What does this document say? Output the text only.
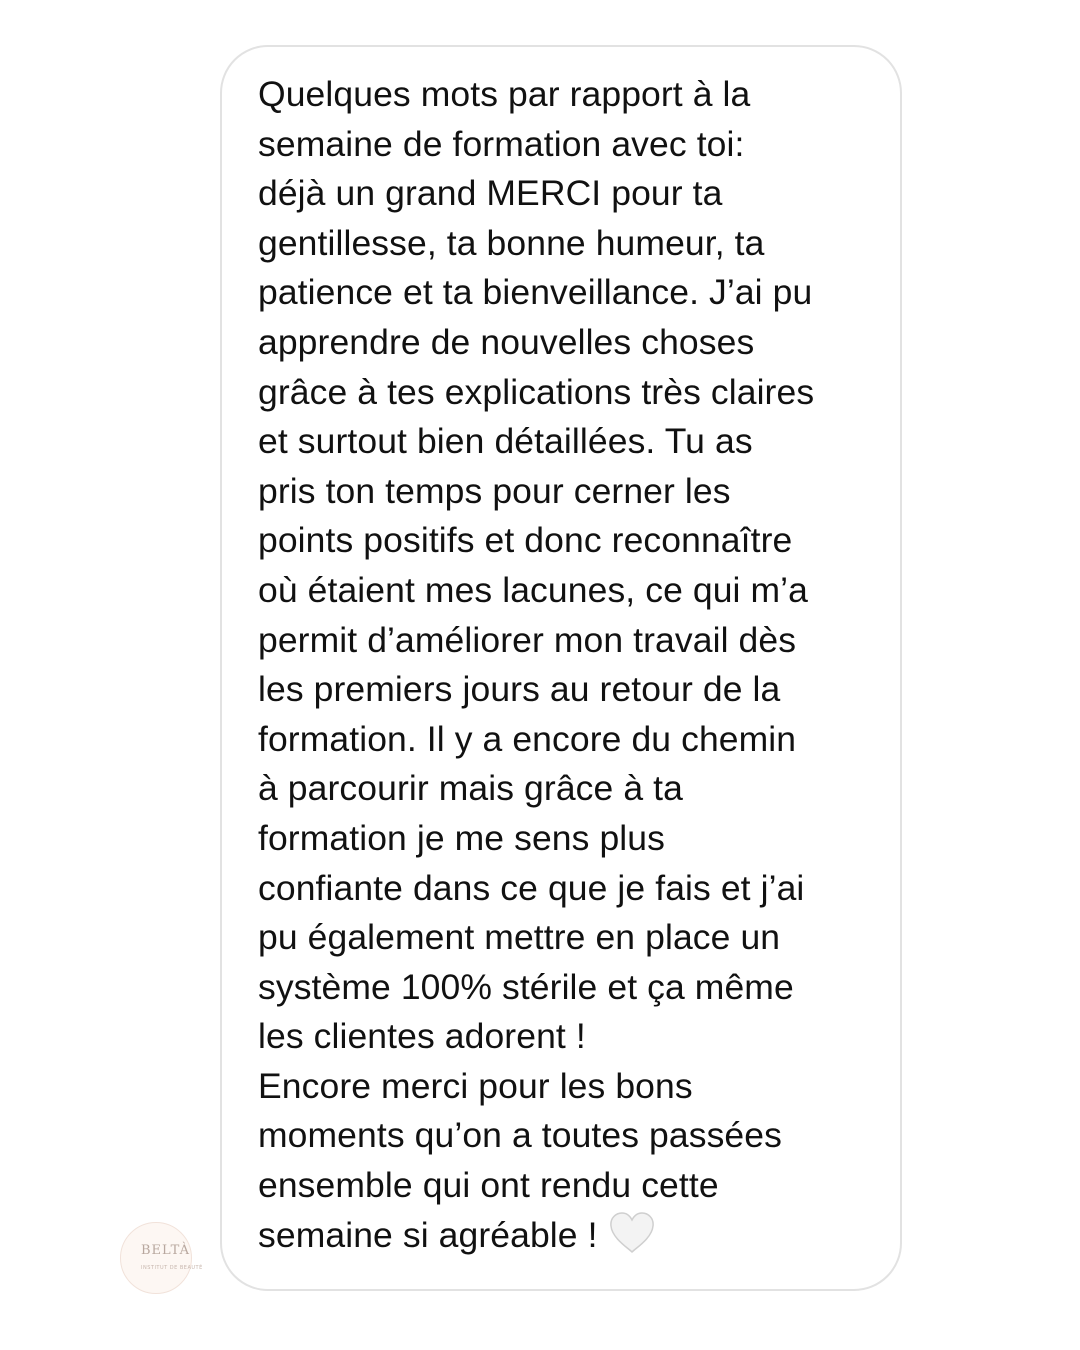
BELTÀ
INSTITUT DE BEAUTÉ

Quelques mots par rapport à la
semaine de formation avec toi:
déjà un grand MERCI pour ta
gentillesse, ta bonne humeur, ta
patience et ta bienveillance. J’ai pu
apprendre de nouvelles choses
grâce à tes explications très claires
et surtout bien détaillées. Tu as
pris ton temps pour cerner les
points positifs et donc reconnaître
où étaient mes lacunes, ce qui m’a
permit d’améliorer mon travail dès
les premiers jours au retour de la
formation. Il y a encore du chemin
à parcourir mais grâce à ta
formation je me sens plus
confiante dans ce que je fais et j’ai
pu également mettre en place un
système 100% stérile et ça même
les clientes adorent !
Encore merci pour les bons
moments qu’on a toutes passées
ensemble qui ont rendu cette
semaine si agréable !
